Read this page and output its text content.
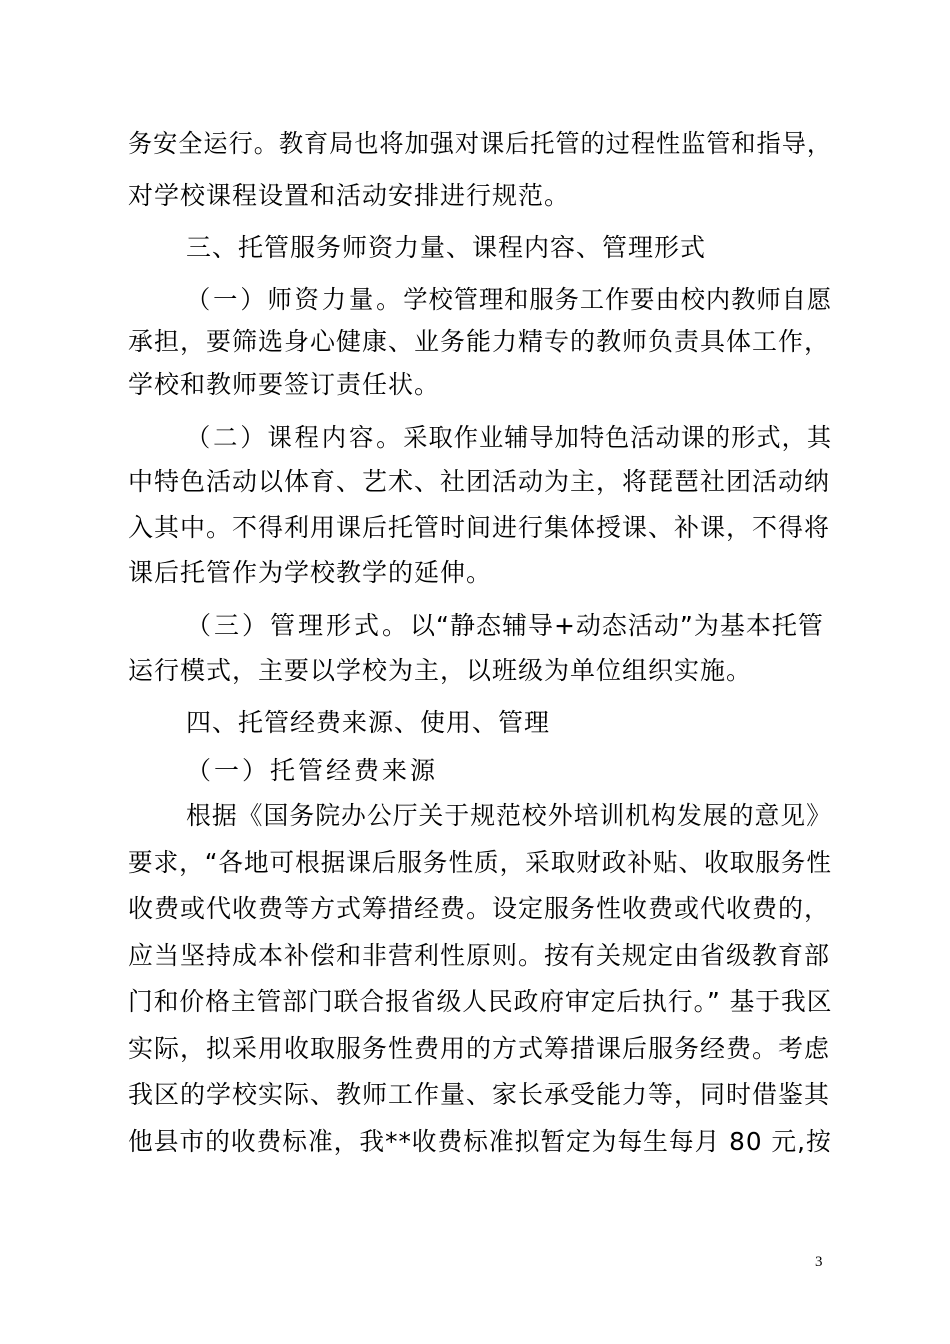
务安全运行。教育局也将加强对课后托管的过程性监管和指导，
对学校课程设置和活动安排进行规范。
三、托管服务师资力量、课程内容、管理形式
（一）师资力量。学校管理和服务工作要由校内教师自愿
承担，要筛选身心健康、业务能力精专的教师负责具体工作，
学校和教师要签订责任状。
（二）课程内容。采取作业辅导加特色活动课的形式，其
中特色活动以体育、艺术、社团活动为主，将琵琶社团活动纳
入其中。不得利用课后托管时间进行集体授课、补课，不得将
课后托管作为学校教学的延伸。
（三）管理形式。以“静态辅导+动态活动”为基本托管
运行模式，主要以学校为主，以班级为单位组织实施。
四、托管经费来源、使用、管理
（一）托管经费来源
根据《国务院办公厅关于规范校外培训机构发展的意见》
要求，“各地可根据课后服务性质，采取财政补贴、收取服务性
收费或代收费等方式筹措经费。设定服务性收费或代收费的，
应当坚持成本补偿和非营利性原则。按有关规定由省级教育部
门和价格主管部门联合报省级人民政府审定后执行。” 基于我区
实际，拟采用收取服务性费用的方式筹措课后服务经费。考虑
我区的学校实际、教师工作量、家长承受能力等，同时借鉴其
他县市的收费标准，我**收费标准拟暂定为每生每月 80 元,按
3
